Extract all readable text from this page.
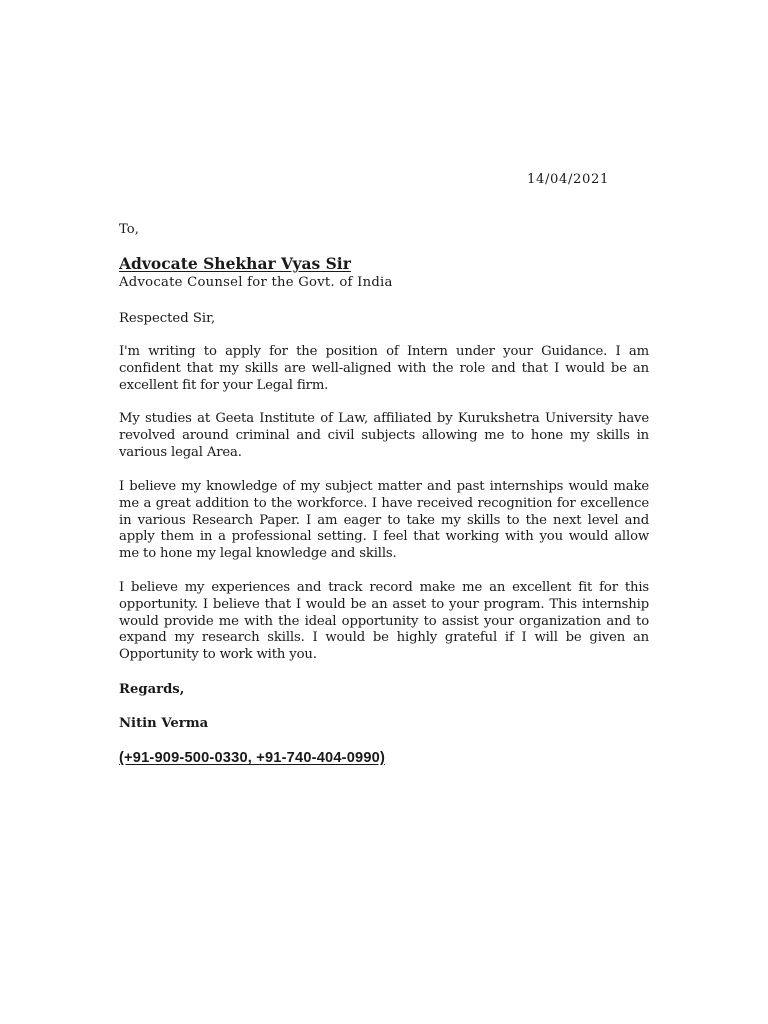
14/04/2021
To,
Advocate Shekhar Vyas Sir
Advocate Counsel for the Govt. of India
Respected Sir,
I'm writing to apply for the position of Intern under your Guidance. I am confident that my skills are well-aligned with the role and that I would be an excellent fit for your Legal firm.
My studies at Geeta Institute of Law, affiliated by Kurukshetra University have revolved around criminal and civil subjects allowing me to hone my skills in various legal Area.
I believe my knowledge of my subject matter and past internships would make me a great addition to the workforce. I have received recognition for excellence in various Research Paper. I am eager to take my skills to the next level and apply them in a professional setting. I feel that working with you would allow me to hone my legal knowledge and skills.
I believe my experiences and track record make me an excellent fit for this opportunity. I believe that I would be an asset to your program. This internship would provide me with the ideal opportunity to assist your organization and to expand my research skills. I would be highly grateful if I will be given an Opportunity to work with you.
Regards,
Nitin Verma
(+91-909-500-0330, +91-740-404-0990)
